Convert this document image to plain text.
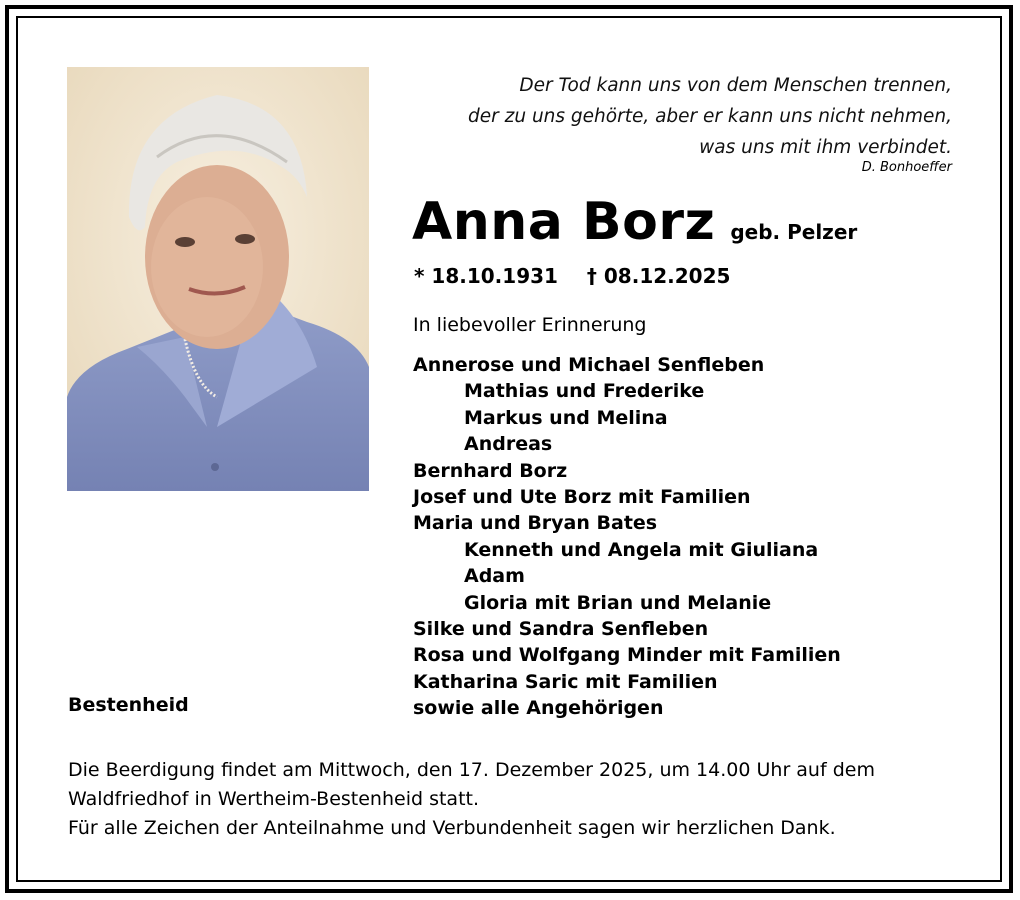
Der Tod kann uns von dem Menschen trennen,
der zu uns gehörte, aber er kann uns nicht nehmen,
was uns mit ihm verbindet.
D. Bonhoeffer
Anna Borz geb. Pelzer
* 18.10.1931 † 08.12.2025
In liebevoller Erinnerung
Annerose und Michael Senfleben
Mathias und Frederike
Markus und Melina
Andreas
Bernhard Borz
Josef und Ute Borz mit Familien
Maria und Bryan Bates
Kenneth und Angela mit Giuliana
Adam
Gloria mit Brian und Melanie
Silke und Sandra Senfleben
Rosa und Wolfgang Minder mit Familien
Katharina Saric mit Familien
sowie alle Angehörigen
Bestenheid

Die Beerdigung findet am Mittwoch, den 17. Dezember 2025, um 14.00 Uhr auf dem

Waldfriedhof in Wertheim-Bestenheid statt.

Für alle Zeichen der Anteilnahme und Verbundenheit sagen wir herzlichen Dank.
